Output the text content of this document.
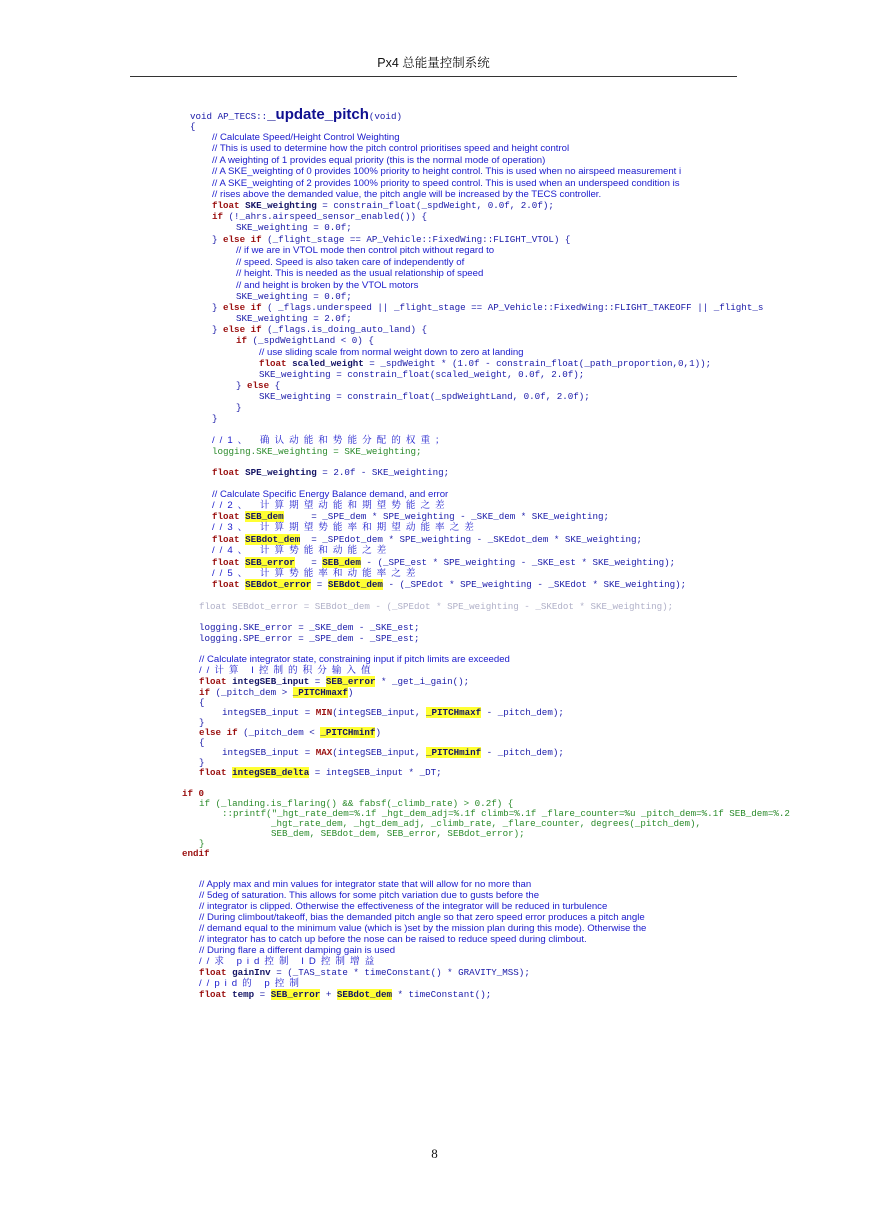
Px4 总能量控制系统
void AP_TECS::_update_pitch(void)
{
// Calculate Speed/Height Control Weighting
// This is used to determine how the pitch control prioritises speed and height control
// A weighting of 1 provides equal priority (this is the normal mode of operation)
// A SKE_weighting of 0 provides 100% priority to height control. This is used when no airspeed measurement i
// A SKE_weighting of 2 provides 100% priority to speed control. This is used when an underspeed condition is
// rises above the demanded value, the pitch angle will be increased by the TECS controller.
float SKE_weighting = constrain_float(_spdWeight, 0.0f, 2.0f);
if (!_ahrs.airspeed_sensor_enabled()) {
SKE_weighting = 0.0f;
} else if (_flight_stage == AP_Vehicle::FixedWing::FLIGHT_VTOL) {
// if we are in VTOL mode then control pitch without regard to
// speed. Speed is also taken care of independently of
// height. This is needed as the usual relationship of speed
// and height is broken by the VTOL motors
SKE_weighting = 0.0f;
} else if ( _flags.underspeed || _flight_stage == AP_Vehicle::FixedWing::FLIGHT_TAKEOFF || _flight_s
SKE_weighting = 2.0f;
} else if (_flags.is_doing_auto_land) {
if (_spdWeightLand < 0) {
// use sliding scale from normal weight down to zero at landing
float scaled_weight = _spdWeight * (1.0f - constrain_float(_path_proportion,0,1));
SKE_weighting = constrain_float(scaled_weight, 0.0f, 2.0f);
} else {
SKE_weighting = constrain_float(_spdWeightLand, 0.0f, 2.0f);
}
}
//1、 确认动能和势能分配的权重；
logging.SKE_weighting = SKE_weighting;
float SPE_weighting = 2.0f - SKE_weighting;
// Calculate Specific Energy Balance demand, and error
//2、 计算期望动能和期望势能之差
float SEB_dem     = _SPE_dem * SPE_weighting - _SKE_dem * SKE_weighting;
//3、 计算期望势能率和期望动能率之差
float SEBdot_dem  = _SPEdot_dem * SPE_weighting - _SKEdot_dem * SKE_weighting;
//4、 计算势能和动能之差
float SEB_error   = SEB_dem - (_SPE_est * SPE_weighting - _SKE_est * SKE_weighting);
//5、 计算势能率和动能率之差
float SEBdot_error = SEBdot_dem - (_SPEdot * SPE_weighting - _SKEdot * SKE_weighting);
float SEBdot_error = SEBdot_dem - (_SPEdot * SPE_weighting - _SKEdot * SKE_weighting);
logging.SKE_error = _SKE_dem - _SKE_est;
logging.SPE_error = _SPE_dem - _SPE_est;
// Calculate integrator state, constraining input if pitch limits are exceeded
//计算 I控制的积分输入值
float integSEB_input = SEB_error * _get_i_gain();
if (_pitch_dem > _PITCHmaxf)
{
integSEB_input = MIN(integSEB_input, _PITCHmaxf - _pitch_dem);
}
else if (_pitch_dem < _PITCHminf)
{
integSEB_input = MAX(integSEB_input, _PITCHminf - _pitch_dem);
}
float integSEB_delta = integSEB_input * _DT;
if 0
if (_landing.is_flaring() && fabsf(_climb_rate) > 0.2f) {
::printf("_hgt_rate_dem=%.1f _hgt_dem_adj=%.1f climb=%.1f _flare_counter=%u _pitch_dem=%.1f SEB_dem=%.2
_hgt_rate_dem, _hgt_dem_adj, _climb_rate, _flare_counter, degrees(_pitch_dem),
SEB_dem, SEBdot_dem, SEB_error, SEBdot_error);
}
endif
// Apply max and min values for integrator state that will allow for no more than
// 5deg of saturation. This allows for some pitch variation due to gusts before the
// integrator is clipped. Otherwise the effectiveness of the integrator will be reduced in turbulence
// During climbout/takeoff, bias the demanded pitch angle so that zero speed error produces a pitch angle
// demand equal to the minimum value (which is )set by the mission plan during this mode). Otherwise the
// integrator has to catch up before the nose can be raised to reduce speed during climbout.
// During flare a different damping gain is used
//求 pid控制 ID控制增益
float gainInv = (_TAS_state * timeConstant() * GRAVITY_MSS);
//pid的 p控制
float temp = SEB_error + SEBdot_dem * timeConstant();
8
